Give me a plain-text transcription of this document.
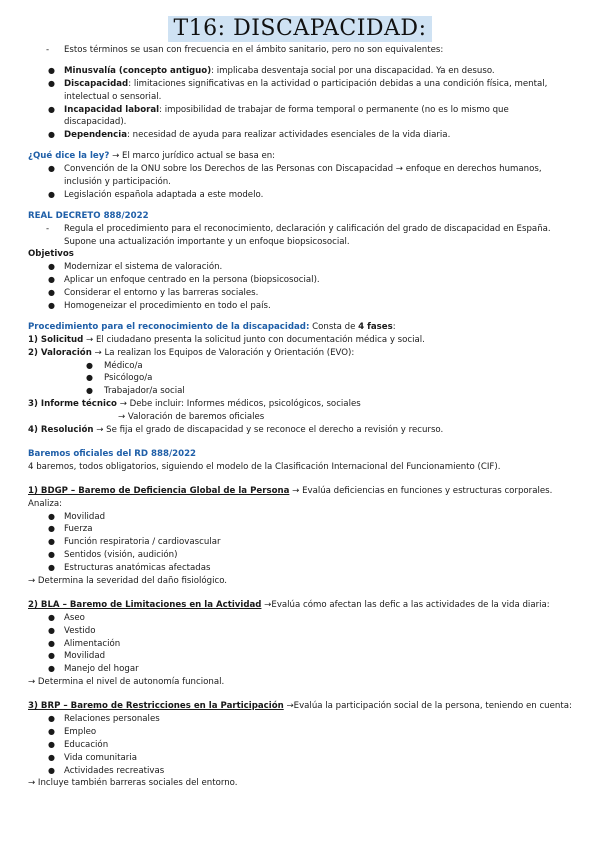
T16: DISCAPACIDAD:
- Estos términos se usan con frecuencia en el ámbito sanitario, pero no son equivalentes:
● Minusvalía (concepto antiguo): implicaba desventaja social por una discapacidad. Ya en desuso.
● Discapacidad: limitaciones significativas en la actividad o participación debidas a una condición física, mental,
intelectual o sensorial.
● Incapacidad laboral: imposibilidad de trabajar de forma temporal o permanente (no es lo mismo que
discapacidad).
● Dependencia: necesidad de ayuda para realizar actividades esenciales de la vida diaria.
¿Qué dice la ley? → El marco jurídico actual se basa en:
● Convención de la ONU sobre los Derechos de las Personas con Discapacidad → enfoque en derechos humanos,
inclusión y participación.
● Legislación española adaptada a este modelo.
REAL DECRETO 888/2022
- Regula el procedimiento para el reconocimiento, declaración y calificación del grado de discapacidad en España.
Supone una actualización importante y un enfoque biopsicosocial.
Objetivos
● Modernizar el sistema de valoración.
● Aplicar un enfoque centrado en la persona (biopsicosocial).
● Considerar el entorno y las barreras sociales.
● Homogeneizar el procedimiento en todo el país.
Procedimiento para el reconocimiento de la discapacidad: Consta de 4 fases:
1) Solicitud → El ciudadano presenta la solicitud junto con documentación médica y social.
2) Valoración → La realizan los Equipos de Valoración y Orientación (EVO):
● Médico/a
● Psicólogo/a
● Trabajador/a social
3) Informe técnico → Debe incluir: Informes médicos, psicológicos, sociales
→ Valoración de baremos oficiales
4) Resolución → Se fija el grado de discapacidad y se reconoce el derecho a revisión y recurso.
Baremos oficiales del RD 888/2022
4 baremos, todos obligatorios, siguiendo el modelo de la Clasificación Internacional del Funcionamiento (CIF).
1) BDGP – Baremo de Deficiencia Global de la Persona → Evalúa deficiencias en funciones y estructuras corporales.
Analiza:
● Movilidad
● Fuerza
● Función respiratoria / cardiovascular
● Sentidos (visión, audición)
● Estructuras anatómicas afectadas
→ Determina la severidad del daño fisiológico.
2) BLA – Baremo de Limitaciones en la Actividad →Evalúa cómo afectan las defic a las actividades de la vida diaria:
● Aseo
● Vestido
● Alimentación
● Movilidad
● Manejo del hogar
→ Determina el nivel de autonomía funcional.
3) BRP – Baremo de Restricciones en la Participación →Evalúa la participación social de la persona, teniendo en cuenta:
● Relaciones personales
● Empleo
● Educación
● Vida comunitaria
● Actividades recreativas
→ Incluye también barreras sociales del entorno.
